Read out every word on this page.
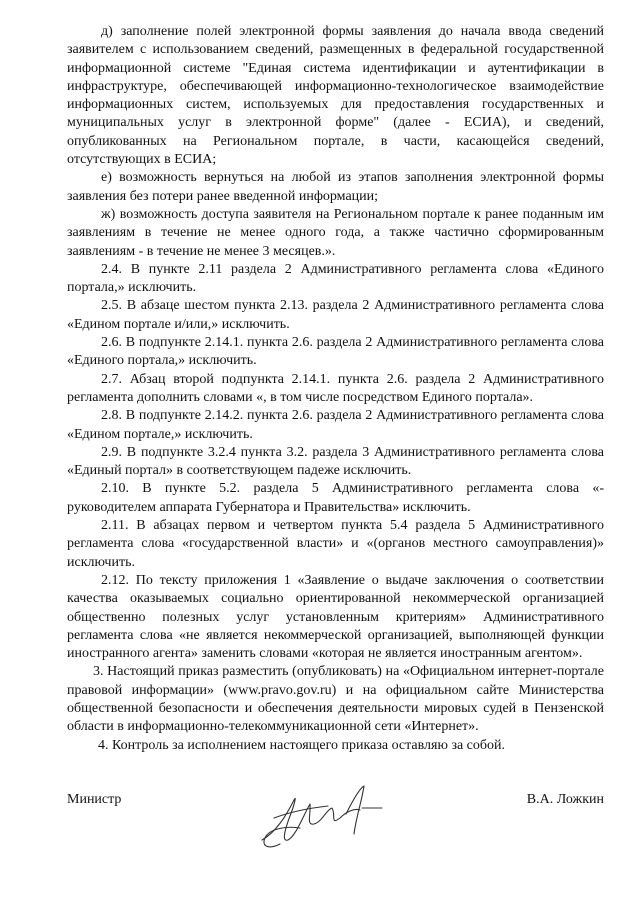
д) заполнение полей электронной формы заявления до начала ввода сведений заявителем с использованием сведений, размещенных в федеральной государственной информационной системе "Единая система идентификации и аутентификации в инфраструктуре, обеспечивающей информационно-технологическое взаимодействие информационных систем, используемых для предоставления государственных и муниципальных услуг в электронной форме" (далее - ЕСИА), и сведений, опубликованных на Региональном портале, в части, касающейся сведений, отсутствующих в ЕСИА;

е) возможность вернуться на любой из этапов заполнения электронной формы заявления без потери ранее введенной информации;

ж) возможность доступа заявителя на Региональном портале к ранее поданным им заявлениям в течение не менее одного года, а также частично сформированным заявлениям - в течение не менее 3 месяцев.».

2.4. В пункте 2.11 раздела 2 Административного регламента слова «Единого портала,» исключить.

2.5. В абзаце шестом пункта 2.13. раздела 2 Административного регламента слова «Едином портале и/или,» исключить.

2.6. В подпункте 2.14.1. пункта 2.6. раздела 2 Административного регламента слова «Единого портала,» исключить.

2.7. Абзац второй подпункта 2.14.1. пункта 2.6. раздела 2 Административного регламента дополнить словами «, в том числе посредством Единого портала».

2.8. В подпункте 2.14.2. пункта 2.6. раздела 2 Административного регламента слова «Едином портале,» исключить.

2.9. В подпункте 3.2.4 пункта 3.2. раздела 3 Административного регламента слова «Единый портал» в соответствующем падеже исключить.

2.10. В пункте 5.2. раздела 5 Административного регламента слова «-руководителем аппарата Губернатора и Правительства» исключить.

2.11. В абзацах первом и четвертом пункта 5.4 раздела 5 Административного регламента слова «государственной власти» и «(органов местного самоуправления)» исключить.

2.12. По тексту приложения 1 «Заявление о выдаче заключения о соответствии качества оказываемых социально ориентированной некоммерческой организацией общественно полезных услуг установленным критериям» Административного регламента слова «не является некоммерческой организацией, выполняющей функции иностранного агента» заменить словами «которая не является иностранным агентом».

3. Настоящий приказ разместить (опубликовать) на «Официальном интернет-портале правовой информации» (www.pravo.gov.ru) и на официальном сайте Министерства общественной безопасности и обеспечения деятельности мировых судей в Пензенской области в информационно-телекоммуникационной сети «Интернет».

4. Контроль за исполнением настоящего приказа оставляю за собой.

Министр	В.А. Ложкин
